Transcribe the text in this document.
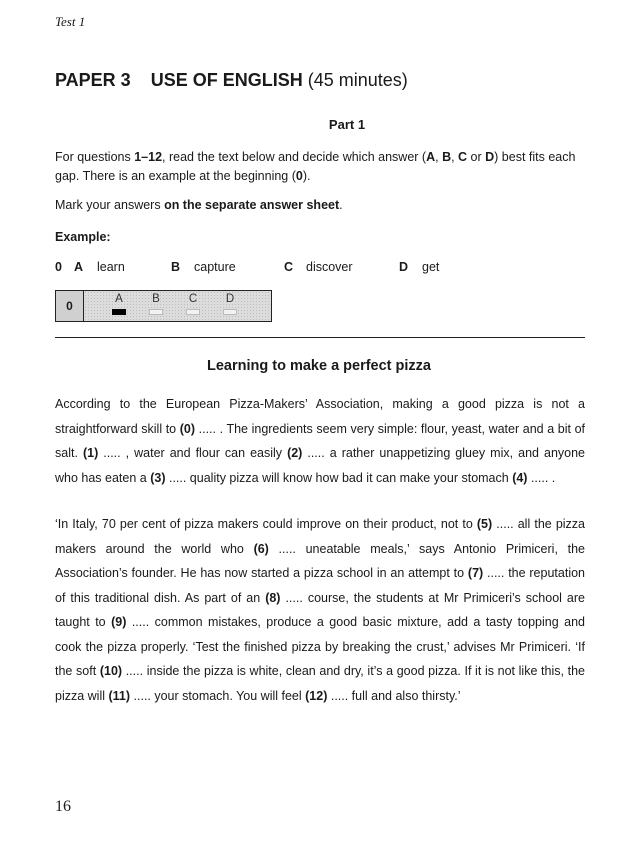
Test 1
PAPER 3 USE OF ENGLISH (45 minutes)
Part 1
For questions 1–12, read the text below and decide which answer (A, B, C or D) best fits each gap. There is an example at the beginning (0).
Mark your answers on the separate answer sheet.
Example:
0 A learn	B capture	C discover	D get
0	A	B	C	D
Learning to make a perfect pizza
According to the European Pizza-Makers’ Association, making a good pizza is not a straightforward skill to (0) ..... . The ingredients seem very simple: flour, yeast, water and a bit of salt. (1) ..... , water and flour can easily (2) ..... a rather unappetizing gluey mix, and anyone who has eaten a (3) ..... quality pizza will know how bad it can make your stomach (4) ..... .
‘In Italy, 70 per cent of pizza makers could improve on their product, not to (5) ..... all the pizza makers around the world who (6) ..... uneatable meals,’ says Antonio Primiceri, the Association’s founder. He has now started a pizza school in an attempt to (7) ..... the reputation of this traditional dish. As part of an (8) ..... course, the students at Mr Primiceri’s school are taught to (9) ..... common mistakes, produce a good basic mixture, add a tasty topping and cook the pizza properly. ‘Test the finished pizza by breaking the crust,’ advises Mr Primiceri. ‘If the soft (10) ..... inside the pizza is white, clean and dry, it’s a good pizza. If it is not like this, the pizza will (11) ..... your stomach. You will feel (12) ..... full and also thirsty.’
16
